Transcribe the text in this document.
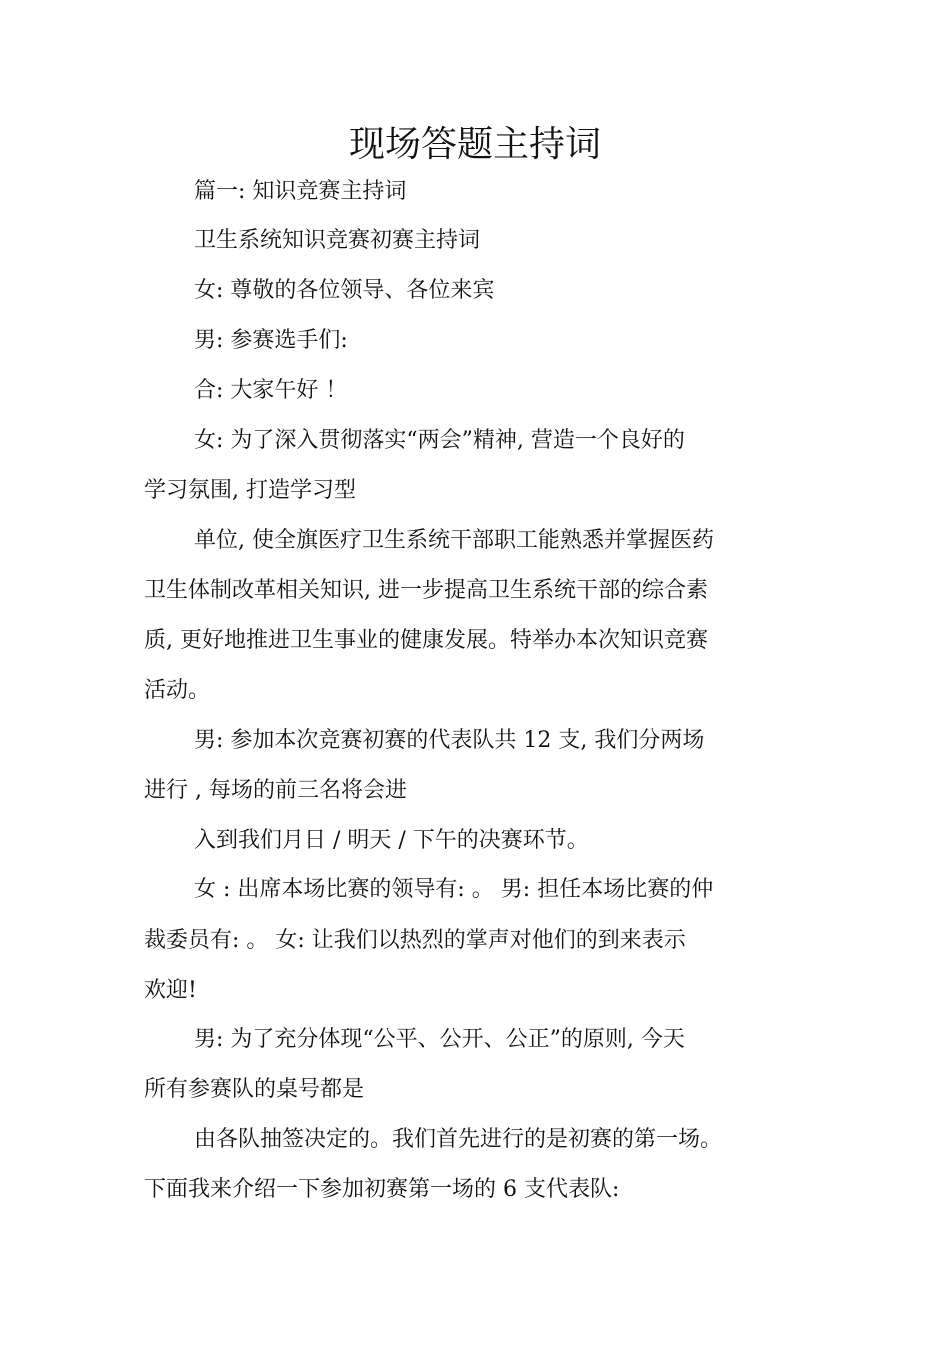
现场答题主持词
篇一: 知识竞赛主持词
卫生系统知识竞赛初赛主持词
女: 尊敬的各位领导、各位来宾
男: 参赛选手们:
合: 大家午好 ！
女: 为了深入贯彻落实“两会”精神, 营造一个良好的
学习氛围, 打造学习型
单位, 使全旗医疗卫生系统干部职工能熟悉并掌握医药
卫生体制改革相关知识, 进一步提高卫生系统干部的综合素
质, 更好地推进卫生事业的健康发展。特举办本次知识竞赛
活动。
男: 参加本次竞赛初赛的代表队共 12 支, 我们分两场
进行 , 每场的前三名将会进
入到我们月日 / 明天 / 下午的决赛环节。
女 : 出席本场比赛的领导有: 。 男: 担任本场比赛的仲
裁委员有: 。 女: 让我们以热烈的掌声对他们的到来表示
欢迎!
男: 为了充分体现“公平、公开、公正”的原则, 今天
所有参赛队的桌号都是
由各队抽签决定的。我们首先进行的是初赛的第一场。
下面我来介绍一下参加初赛第一场的 6 支代表队:
